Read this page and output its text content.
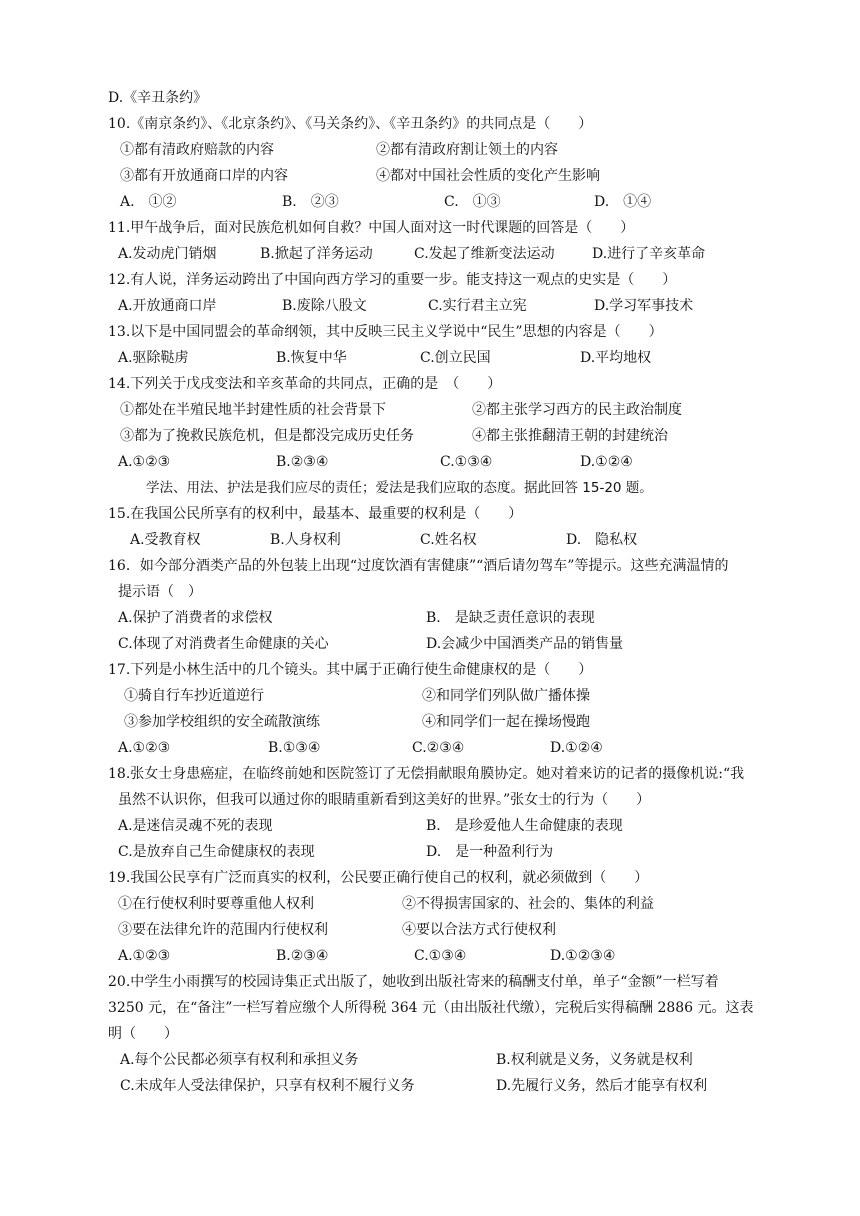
D.《辛丑条约》
10.《南京条约》、《北京条约》、《马关条约》、《辛丑条约》的共同点是（　　）
①都有清政府赔款的内容	②都有清政府割让领土的内容
③都有开放通商口岸的内容	④都对中国社会性质的变化产生影响
A.　①②	B.　②③	C.　①③	D.　①④
11.甲午战争后，面对民族危机如何自救？中国人面对这一时代课题的回答是（　　）
A.发动虎门销烟	B.掀起了洋务运动	C.发起了维新变法运动	D.进行了辛亥革命
12.有人说，洋务运动跨出了中国向西方学习的重要一步。能支持这一观点的史实是（　　）
A.开放通商口岸	B.废除八股文	C.实行君主立宪	D.学习军事技术
13.以下是中国同盟会的革命纲领，其中反映三民主义学说中“民生”思想的内容是（　　）
A.驱除鞑虏	B.恢复中华	C.创立民国	D.平均地权
14.下列关于戊戌变法和辛亥革命的共同点，正确的是　（　　）
①都处在半殖民地半封建性质的社会背景下	②都主张学习西方的民主政治制度
③都为了挽救民族危机，但是都没完成历史任务	④都主张推翻清王朝的封建统治
A.①②③	B.②③④	C.①③④	D.①②④
学法、用法、护法是我们应尽的责任；爱法是我们应取的态度。据此回答 15-20 题。
15.在我国公民所享有的权利中，最基本、最重要的权利是（　　）
A.受教育权	B.人身权利	C.姓名权	D.　隐私权
16．如今部分酒类产品的外包装上出现“过度饮酒有害健康”“酒后请勿驾车”等提示。这些充满温情的
提示语（　）
A.保护了消费者的求偿权	B.　是缺乏责任意识的表现
C.体现了对消费者生命健康的关心	D.会减少中国酒类产品的销售量
17.下列是小林生活中的几个镜头。其中属于正确行使生命健康权的是（　　）
①骑自行车抄近道逆行	②和同学们列队做广播体操
③参加学校组织的安全疏散演练	④和同学们一起在操场慢跑
A.①②③	B.①③④	C.②③④	D.①②④
18.张女士身患癌症，在临终前她和医院签订了无偿捐献眼角膜协定。她对着来访的记者的摄像机说:“我
虽然不认识你，但我可以通过你的眼睛重新看到这美好的世界。”张女士的行为（　　）
A.是迷信灵魂不死的表现	B.　是珍爱他人生命健康的表现
C.是放弃自己生命健康权的表现	D.　是一种盈利行为
19.我国公民享有广泛而真实的权利，公民要正确行使自己的权利，就必须做到（　　）
①在行使权利时要尊重他人权利	②不得损害国家的、社会的、集体的利益
③要在法律允许的范围内行使权利	④要以合法方式行使权利
A.①②③	B.②③④	C.①③④	D.①②③④
20.中学生小雨撰写的校园诗集正式出版了，她收到出版社寄来的稿酬支付单，单子“金额”一栏写着
3250 元，在“备注”一栏写着应缴个人所得税 364 元（由出版社代缴），完税后实得稿酬 2886 元。这表
明（　　）
A.每个公民都必须享有权利和承担义务	B.权利就是义务，义务就是权利
C.未成年人受法律保护，只享有权利不履行义务	D.先履行义务，然后才能享有权利
